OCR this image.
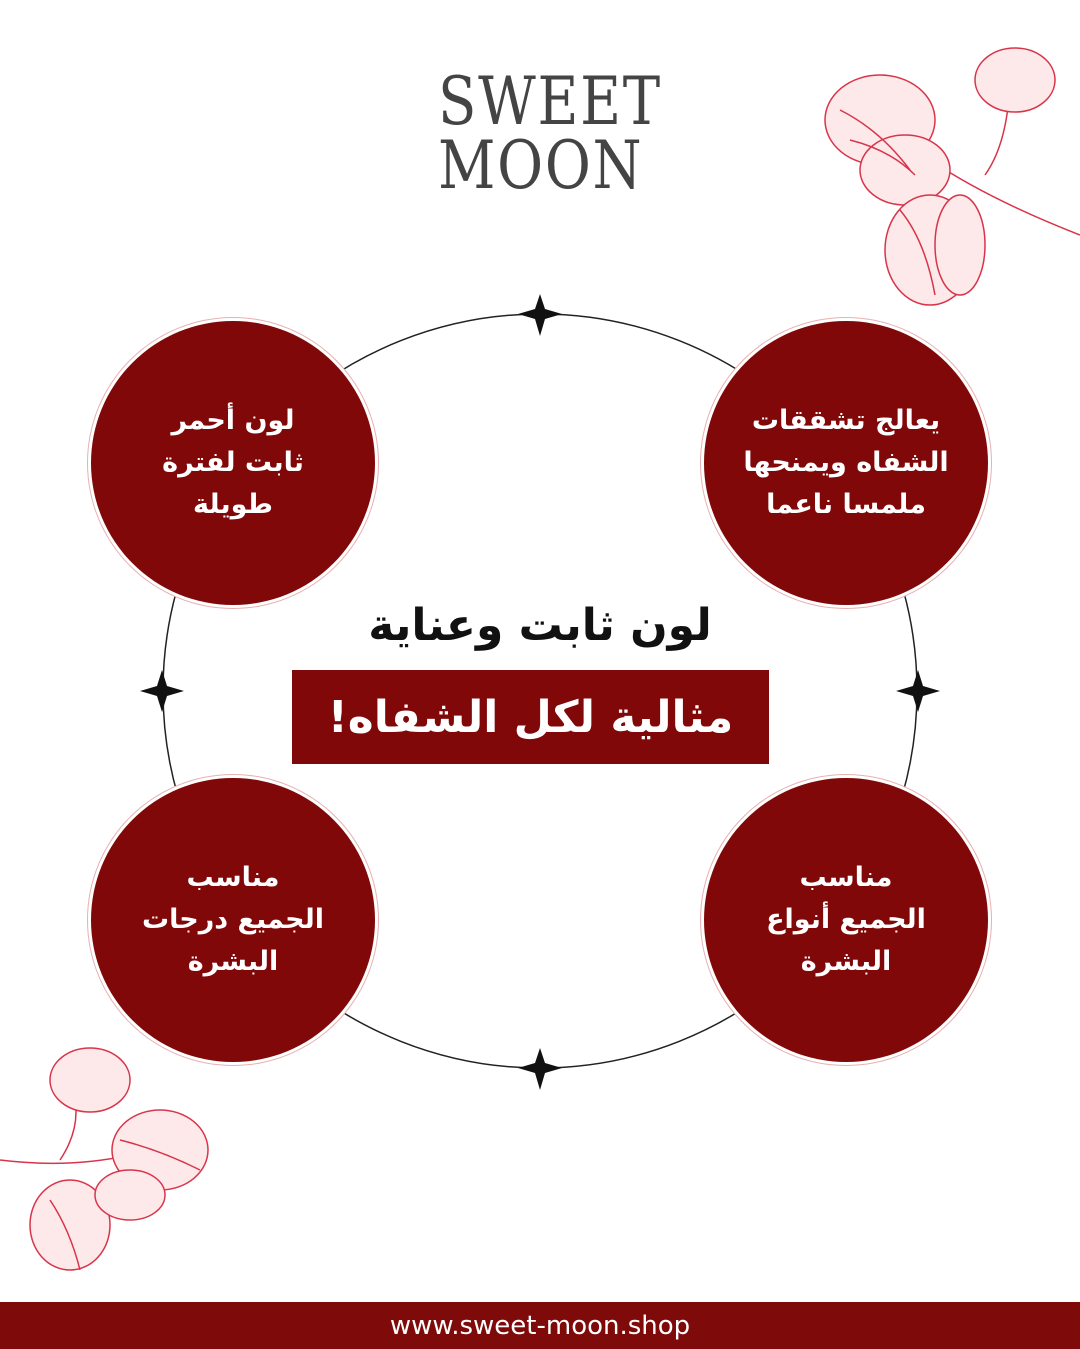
SWEET
MOON
لون أحمر
ثابت لفترة
طويلة
يعالج تشققات
الشفاه ويمنحها
ملمسا ناعما
مناسب
الجميع درجات
البشرة
مناسب
الجميع أنواع
البشرة
لون ثابت وعناية
مثالية لكل الشفاه!
www.sweet-moon.shop
